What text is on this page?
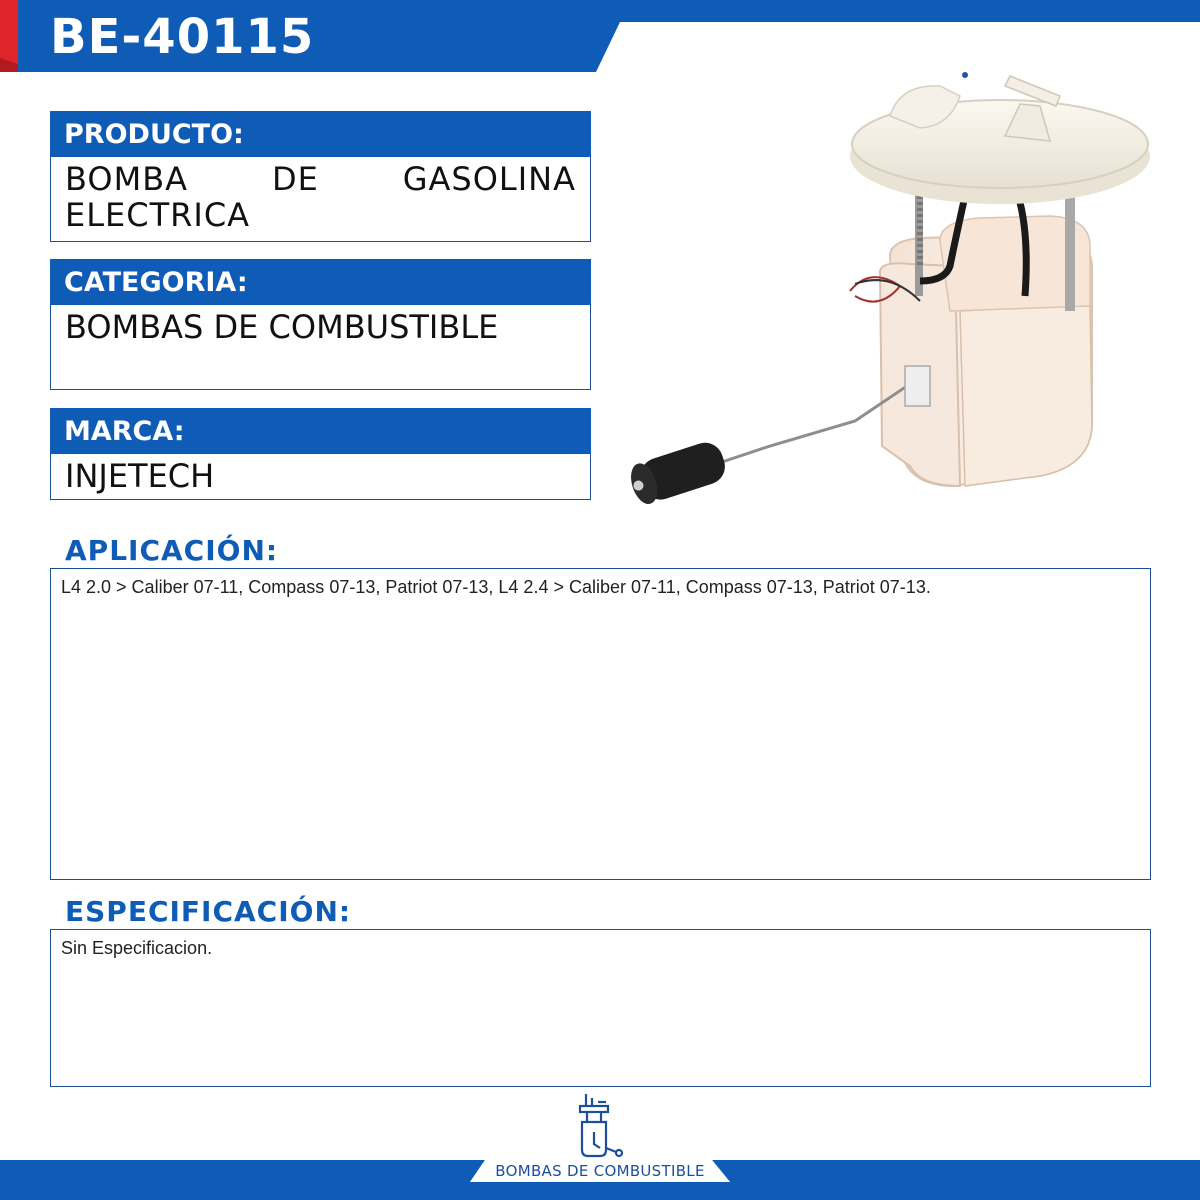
BE-40115
PRODUCTO:
BOMBA DE GASOLINA ELECTRICA
CATEGORIA:
BOMBAS DE COMBUSTIBLE
MARCA:
INJETECH
APLICACIÓN:
L4 2.0 > Caliber 07-11, Compass 07-13, Patriot 07-13, L4 2.4 > Caliber 07-11, Compass 07-13, Patriot 07-13.
ESPECIFICACIÓN:
Sin Especificacion.
BOMBAS DE COMBUSTIBLE
